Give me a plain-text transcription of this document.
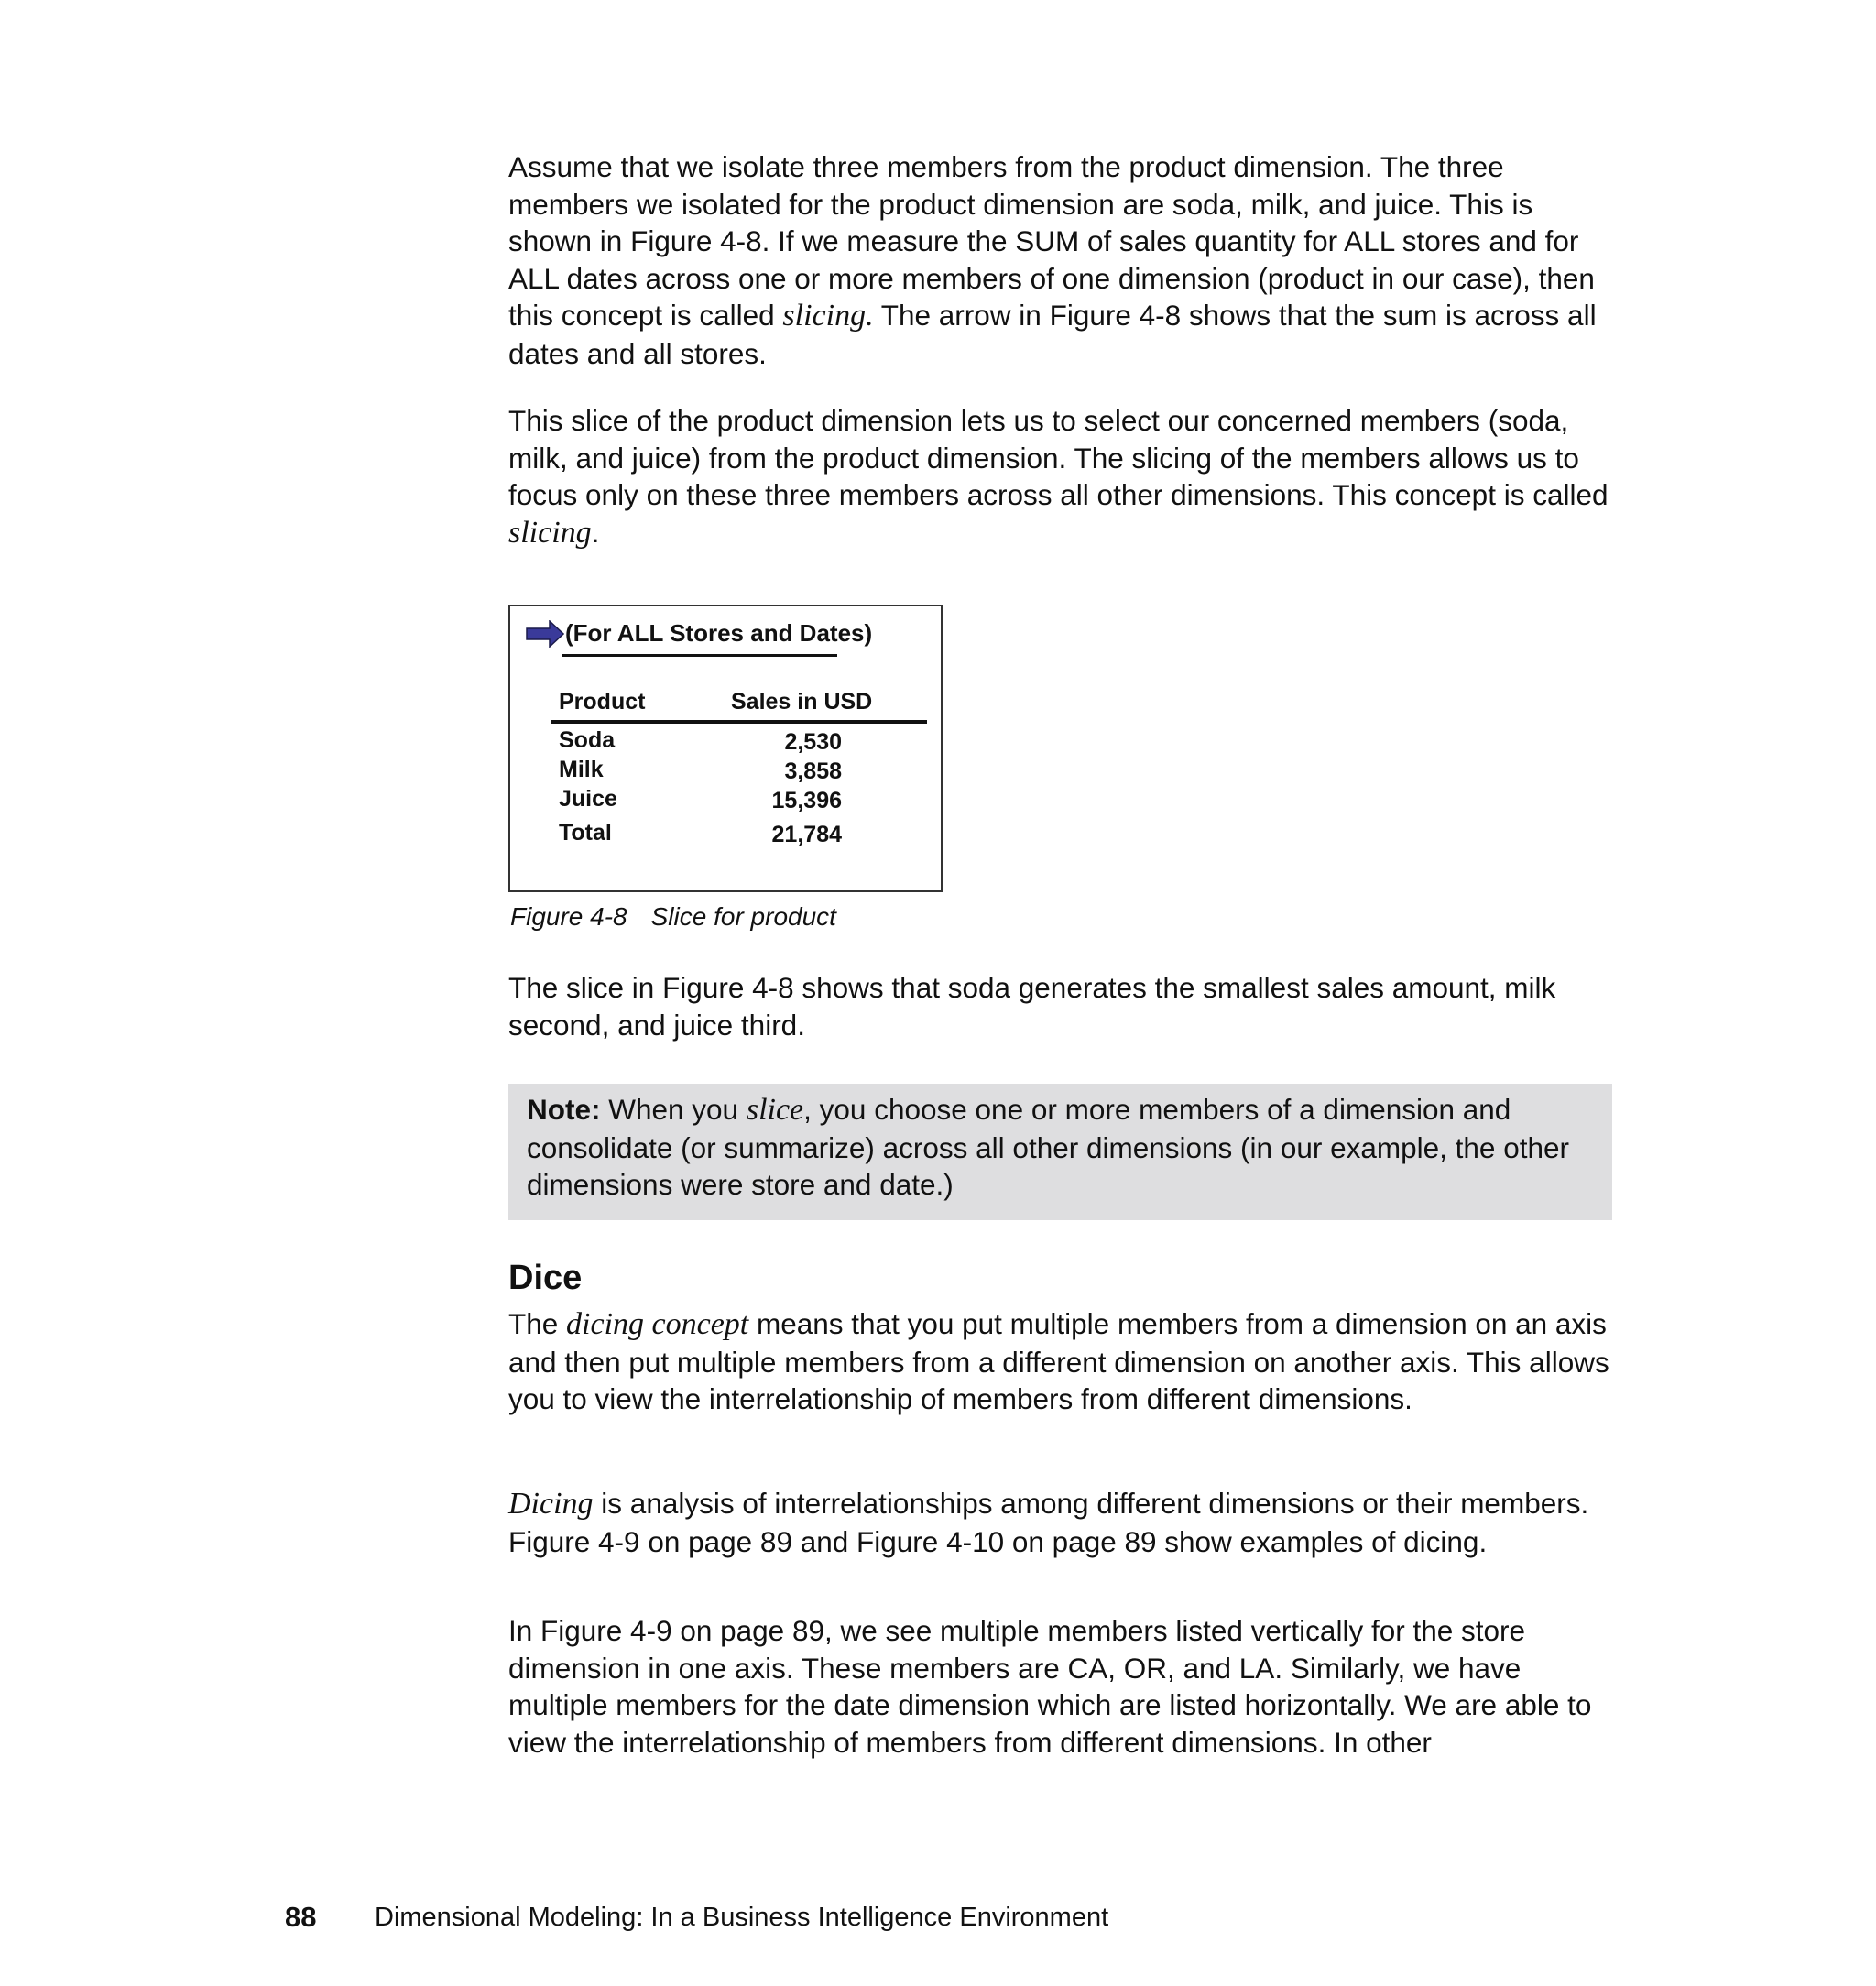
Assume that we isolate three members from the product dimension. The three members we isolated for the product dimension are soda, milk, and juice. This is shown in Figure 4-8. If we measure the SUM of sales quantity for ALL stores and for ALL dates across one or more members of one dimension (product in our case), then this concept is called slicing. The arrow in Figure 4-8 shows that the sum is across all dates and all stores.

This slice of the product dimension lets us to select our concerned members (soda, milk, and juice) from the product dimension. The slicing of the members allows us to focus only on these three members across all other dimensions. This concept is called slicing.

(For ALL Stores and Dates)
Product	Sales in USD
Soda	2,530
Milk	3,858
Juice	15,396
Total	21,784
Figure 4-8 Slice for product

The slice in Figure 4-8 shows that soda generates the smallest sales amount, milk second, and juice third.

Note: When you slice, you choose one or more members of a dimension and consolidate (or summarize) across all other dimensions (in our example, the other dimensions were store and date.)

Dice

The dicing concept means that you put multiple members from a dimension on an axis and then put multiple members from a different dimension on another axis. This allows you to view the interrelationship of members from different dimensions.

Dicing is analysis of interrelationships among different dimensions or their members. Figure 4-9 on page 89 and Figure 4-10 on page 89 show examples of dicing.

In Figure 4-9 on page 89, we see multiple members listed vertically for the store dimension in one axis. These members are CA, OR, and LA. Similarly, we have multiple members for the date dimension which are listed horizontally. We are able to view the interrelationship of members from different dimensions. In other

88 Dimensional Modeling: In a Business Intelligence Environment
